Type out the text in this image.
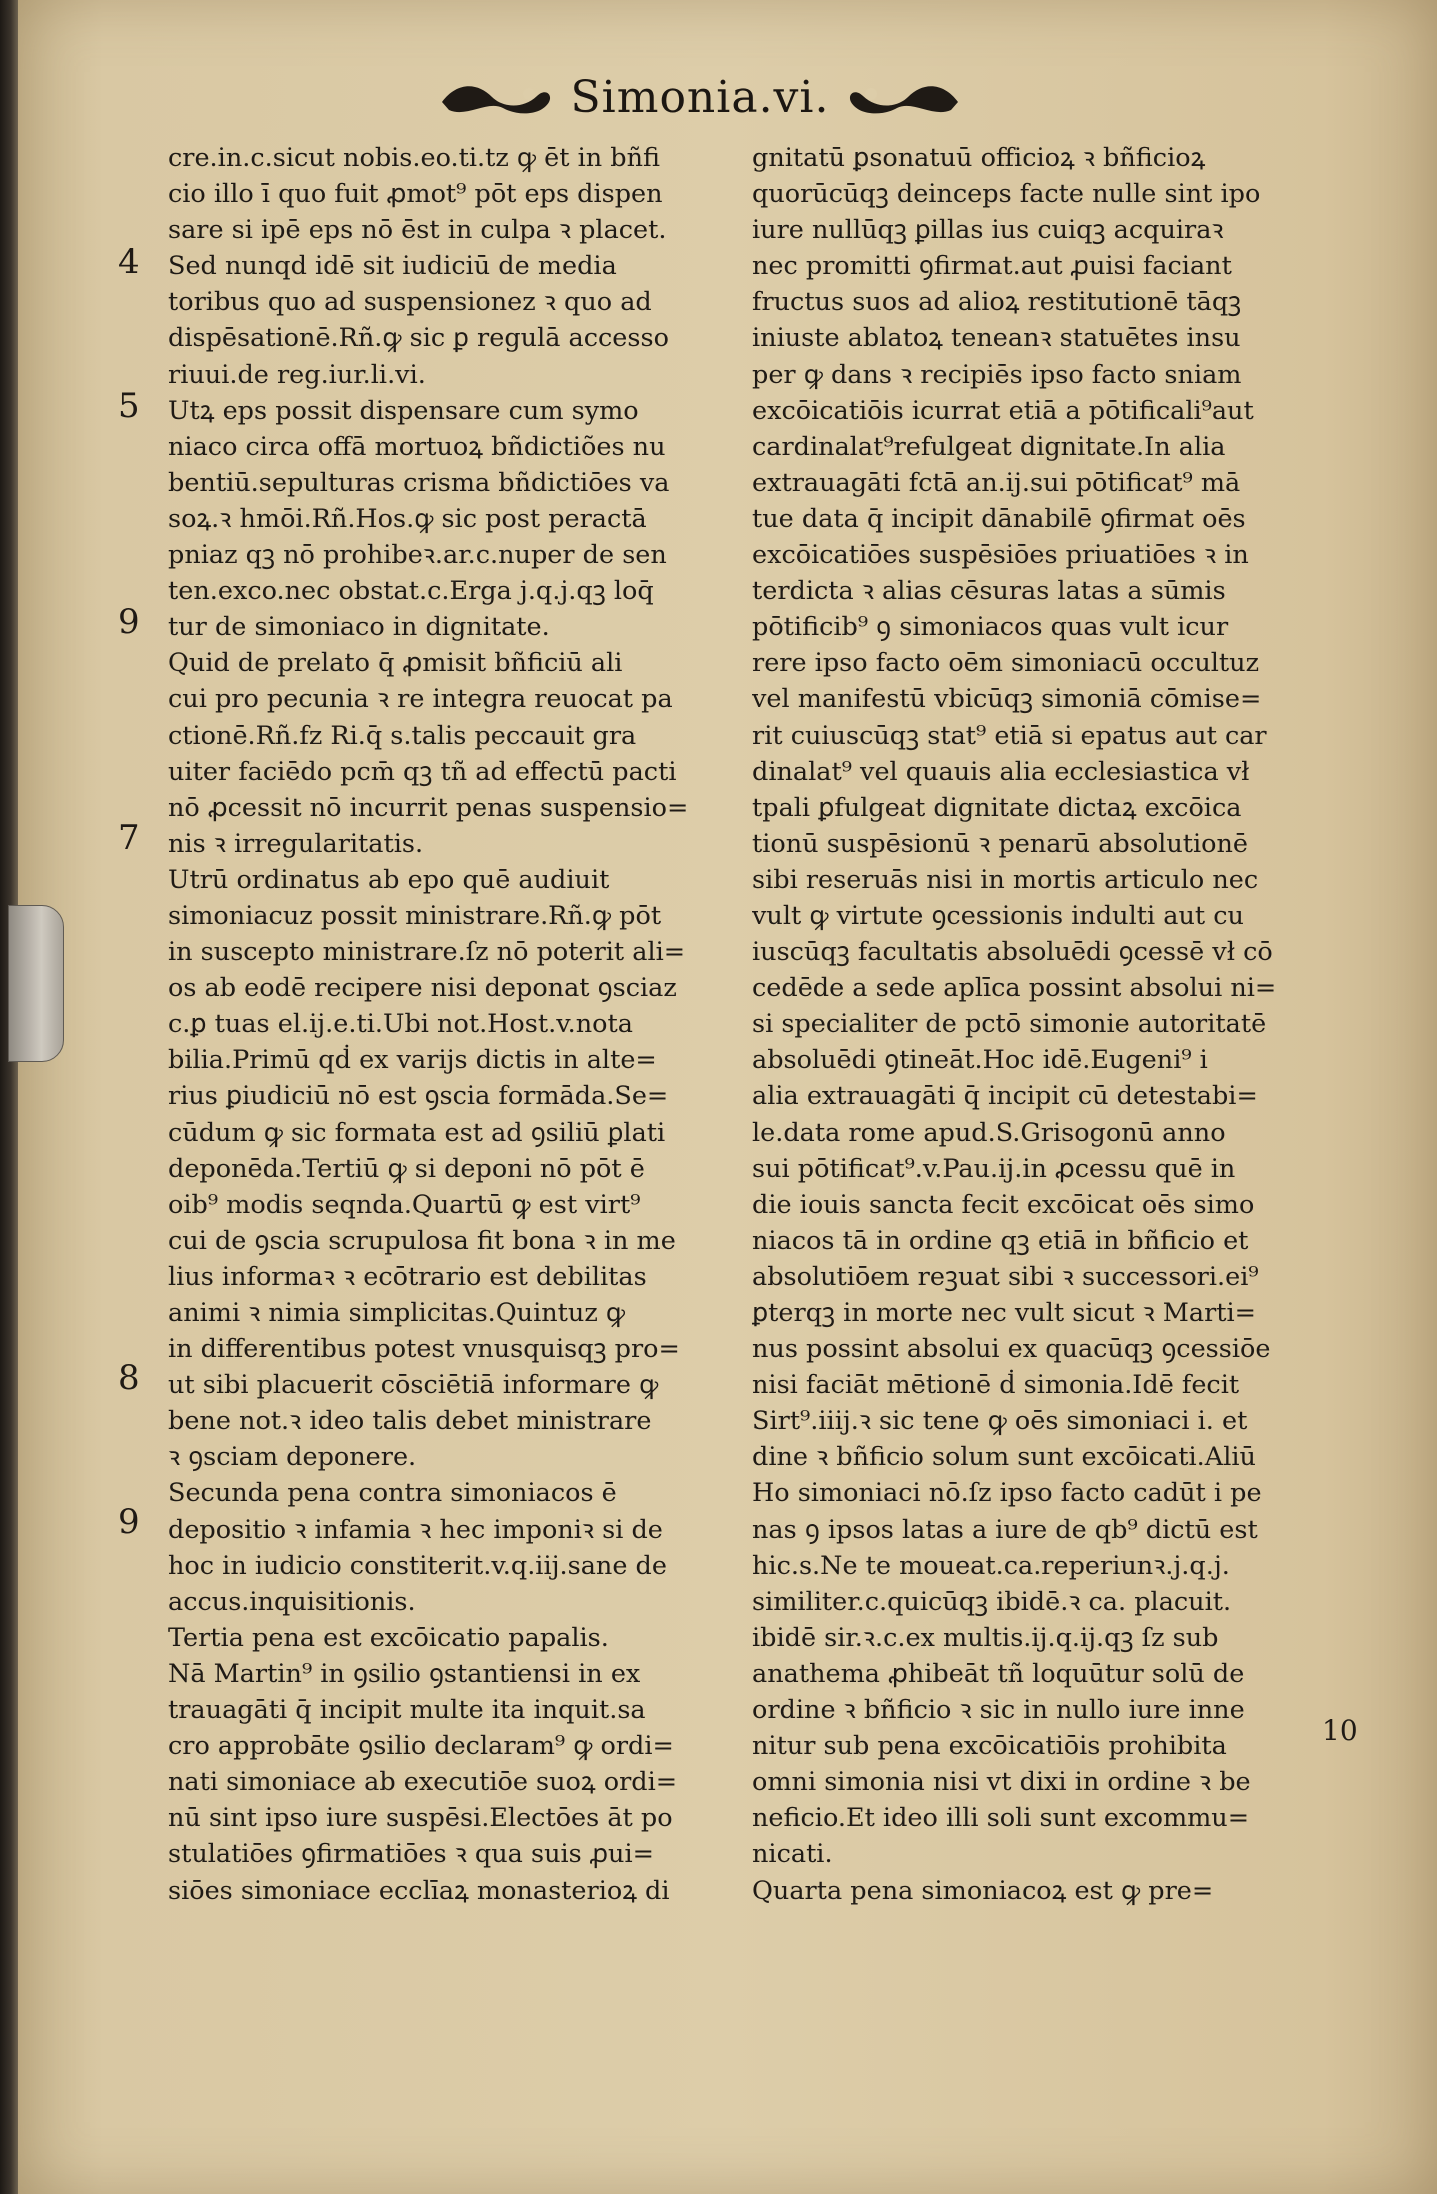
Simonia.vi.
4
5
9
7
8
9
cre.in.c.sicut nobis.eo.ti.tz ꝙ ēt in bñfi
cio illo ī quo fuit ꝓmot⁹ pōt eps dispen
sare si ipē eps nō ēst in culpa ꝛ placet.
Sed nunqd idē sit iudiciū de media
toribus quo ad suspensionez ꝛ quo ad
dispēsationē.Rñ.ꝙ sic ꝑ regulā accesso
riuui.de reg.iur.li.vi.
Utꝝ eps possit dispensare cum symo
niaco circa offā mortuoꝝ bñdictiões nu
bentiū.sepulturas crisma bñdictiōes va
soꝝ.ꝛ hmōi.Rñ.Hos.ꝙ sic post peractā
pniaz qꝫ nō prohibeꝛ.ar.c.nuper de sen
ten.exco.nec obstat.c.Erga j.q.j.qꝫ loq̄
tur de simoniaco in dignitate.
Quid de prelato q̄ ꝓmisit bñficiū ali
cui pro pecunia ꝛ re integra reuocat pa
ctionē.Rñ.fz Ri.q̄ s.talis peccauit gra
uiter faciēdo pcm̄ qꝫ tñ ad effectū pacti
nō ꝓcessit nō incurrit penas suspensio=
nis ꝛ irregularitatis.
Utrū ordinatus ab epo quē audiuit
simoniacuz possit ministrare.Rñ.ꝙ pōt
in suscepto ministrare.ſz nō poterit ali=
os ab eodē recipere nisi deponat ꝯsciaz
c.ꝑ tuas el.ij.e.ti.Ubi not.Host.v.nota
bilia.Primū qḋ ex varijs dictis in alte=
rius ꝑiudiciū nō est ꝯscia formāda.Se=
cūdum ꝙ sic formata est ad ꝯsiliū ꝑlati
deponēda.Tertiū ꝙ si deponi nō pōt ē
oib⁹ modis seqnda.Quartū ꝙ est virt⁹
cui de ꝯscia scrupulosa fit bona ꝛ in me
lius informaꝛ ꝛ ecōtrario est debilitas
animi ꝛ nimia simplicitas.Quintuz ꝙ
in differentibus potest vnusquisqꝫ pro=
ut sibi placuerit cōsciētiā informare ꝙ
bene not.ꝛ ideo talis debet ministrare
ꝛ ꝯsciam deponere.
Secunda pena contra simoniacos ē
depositio ꝛ infamia ꝛ hec imponiꝛ si de
hoc in iudicio constiterit.v.q.iij.sane de
accus.inquisitionis.
Tertia pena est excōicatio papalis.
Nā Martin⁹ in ꝯsilio ꝯstantiensi in ex
trauagāti q̄ incipit multe ita inquit.sa
cro approbāte ꝯsilio declaram⁹ ꝙ ordi=
nati simoniace ab executiōe suoꝝ ordi=
nū sint ipso iure suspēsi.Electōes āt po
stulatiōes ꝯfirmatiōes ꝛ qua suis ꝓui=
siōes simoniace ecclīaꝝ monasterioꝝ di
gnitatū ꝑsonatuū officioꝝ ꝛ bñficioꝝ
quorūcūqꝫ deinceps facte nulle sint ipo
iure nullūqꝫ ꝑillas ius cuiqꝫ acquiraꝛ
nec promitti ꝯfirmat.aut ꝓuisi faciant
fructus suos ad alioꝝ restitutionē tāqꝫ
iniuste ablatoꝝ teneanꝛ statuētes insu
per ꝙ dans ꝛ recipiēs ipso facto sniam
excōicatiōis icurrat etiā a pōtificali⁹aut
cardinalat⁹refulgeat dignitate.In alia
extrauagāti fctā an.ij.sui pōtificat⁹ mā
tue data q̄ incipit dānabilē ꝯfirmat oēs
excōicatiōes suspēsiōes priuatiōes ꝛ in
terdicta ꝛ alias cēsuras latas a sūmis
pōtificib⁹ ꝯ simoniacos quas vult icur
rere ipso facto oēm simoniacū occultuz
vel manifestū vbicūqꝫ simoniā cōmise=
rit cuiuscūqꝫ stat⁹ etiā si epatus aut car
dinalat⁹ vel quauis alia ecclesiastica vł
tpali ꝑfulgeat dignitate dictaꝝ excōica
tionū suspēsionū ꝛ penarū absolutionē
sibi reseruās nisi in mortis articulo nec
vult ꝙ virtute ꝯcessionis indulti aut cu
iuscūqꝫ facultatis absoluēdi ꝯcessē vł cō
cedēde a sede aplīca possint absolui ni=
si specialiter de pctō simonie autoritatē
absoluēdi ꝯtineāt.Hoc idē.Eugeni⁹ i
alia extrauagāti q̄ incipit cū detestabi=
le.data rome apud.S.Grisogonū anno
sui pōtificat⁹.v.Pau.ij.in ꝓcessu quē in
die iouis sancta fecit excōicat oēs simo
niacos tā in ordine qꝫ etiā in bñficio et
absolutiōem reꝫuat sibi ꝛ successori.ei⁹
ꝑterqꝫ in morte nec vult sicut ꝛ Marti=
nus possint absolui ex quacūqꝫ ꝯcessiōe
nisi faciāt mētionē ḋ simonia.Idē fecit
Sirt⁹.iiij.ꝛ sic tene ꝙ oēs simoniaci i. et
dine ꝛ bñficio solum sunt excōicati.Aliū
Ho simoniaci nō.ſz ipso facto cadūt i pe
nas ꝯ ipsos latas a iure de qb⁹ dictū est
hic.s.Ne te moueat.ca.reperiunꝛ.j.q.j.
similiter.c.quicūqꝫ ibidē.ꝛ ca. placuit.
ibidē sir.ꝛ.c.ex multis.ij.q.ij.qꝫ ſz sub
anathema ꝓhibeāt tñ loquūtur solū de
ordine ꝛ bñficio ꝛ sic in nullo iure inne
nitur sub pena excōicatiōis prohibita
omni simonia nisi vt dixi in ordine ꝛ be
neficio.Et ideo illi soli sunt excommu=
nicati.
Quarta pena simoniacoꝝ est ꝙ pre=
10
